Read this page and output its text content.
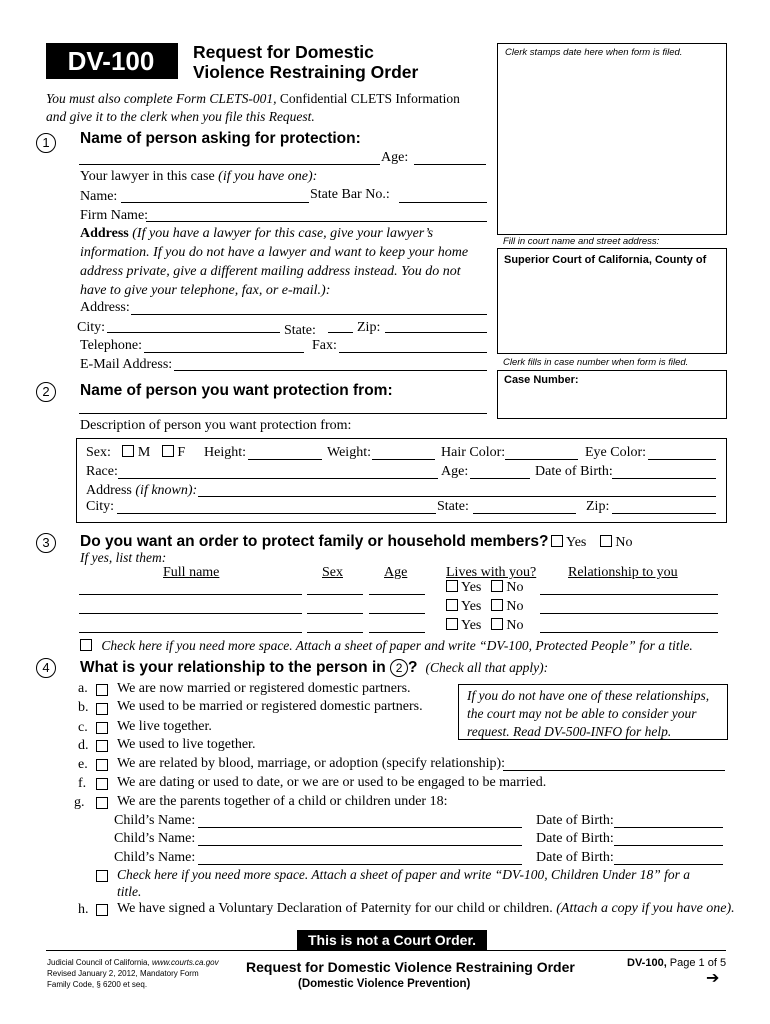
DV-100	Request for Domestic
Violence Restraining Order
You must also complete Form CLETS-001, Confidential CLETS Information
and give it to the clerk when you file this Request.
Clerk stamps date here when form is filed.
Fill in court name and street address:
Superior Court of California, County of
Clerk fills in case number when form is filed.
Case Number:
1	Name of person asking for protection:
Age:
Your lawyer in this case (if you have one):
Name:	State Bar No.:
Firm Name:
Address (If you have a lawyer for this case, give your lawyer’s
information. If you do not have a lawyer and want to keep your home
address private, give a different mailing address instead. You do not
have to give your telephone, fax, or e-mail.):
Address:
City:	State:	Zip:
Telephone:	Fax:
E-Mail Address:
2	Name of person you want protection from:
Description of person you want protection from:
Sex: M F Height:	Weight:	Hair Color:	Eye Color:
Race:	Age:	Date of Birth:
Address (if known):
City:	State:	Zip:
3	Do you want an order to protect family or household members?	Yes No
If yes, list them:
Full name	Sex	Age	Lives with you? Relationship to you
Yes No
Yes No
Yes No
Check here if you need more space. Attach a sheet of paper and write “DV-100, Protected People” for a title.
4	What is your relationship to the person in 2 ? (Check all that apply):
If you do not have one of these relationships,
the court may not be able to consider your
request. Read DV-500-INFO for help.
a. We are now married or registered domestic partners.
b. We used to be married or registered domestic partners.
c. We live together.
d. We used to live together.
e. We are related by blood, marriage, or adoption (specify relationship):
f. We are dating or used to date, or we are or used to be engaged to be married.
g. We are the parents together of a child or children under 18:
Child’s Name:	Date of Birth:
Child’s Name:	Date of Birth:
Child’s Name:	Date of Birth:
Check here if you need more space. Attach a sheet of paper and write “DV-100, Children Under 18” for a
title.
h. We have signed a Voluntary Declaration of Paternity for our child or children. (Attach a copy if you have one).
This is not a Court Order.
Judicial Council of California, www.courts.ca.gov
Revised January 2, 2012, Mandatory Form
Family Code, § 6200 et seq.
Request for Domestic Violence Restraining Order
(Domestic Violence Prevention)
DV-100, Page 1 of 5
➔
